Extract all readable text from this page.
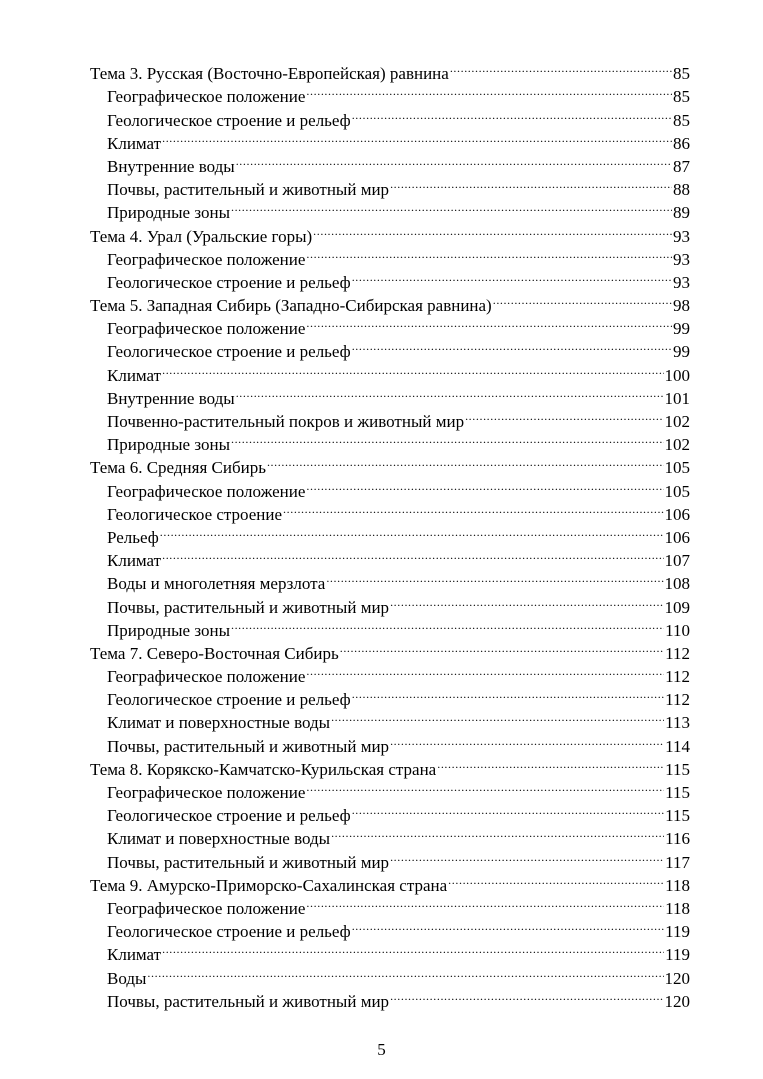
Тема 3. Русская (Восточно-Европейская) равнина .....	85
Географическое положение .....	85
Геологическое строение и рельеф .....	85
Климат .....	86
Внутренние воды .....	87
Почвы, растительный и животный мир .....	88
Природные зоны .....	89
Тема 4. Урал (Уральские горы) .....	93
Географическое положение .....	93
Геологическое строение и рельеф .....	93
Тема 5. Западная Сибирь (Западно-Сибирская равнина) .....	98
Географическое положение .....	99
Геологическое строение и рельеф .....	99
Климат .....	100
Внутренние воды .....	101
Почвенно-растительный покров и животный мир .....	102
Природные зоны .....	102
Тема 6. Средняя Сибирь .....	105
Географическое положение .....	105
Геологическое строение .....	106
Рельеф .....	106
Климат .....	107
Воды и многолетняя мерзлота .....	108
Почвы, растительный и животный мир .....	109
Природные зоны .....	110
Тема 7. Северо-Восточная Сибирь .....	112
Географическое положение .....	112
Геологическое строение и рельеф .....	112
Климат и поверхностные воды .....	113
Почвы, растительный и животный мир .....	114
Тема 8. Корякско-Камчатско-Курильская страна .....	115
Географическое положение .....	115
Геологическое строение и рельеф .....	115
Климат и поверхностные воды .....	116
Почвы, растительный и животный мир .....	117
Тема 9. Амурско-Приморско-Сахалинская страна .....	118
Географическое положение .....	118
Геологическое строение и рельеф .....	119
Климат .....	119
Воды .....	120
Почвы, растительный и животный мир .....	120
5
